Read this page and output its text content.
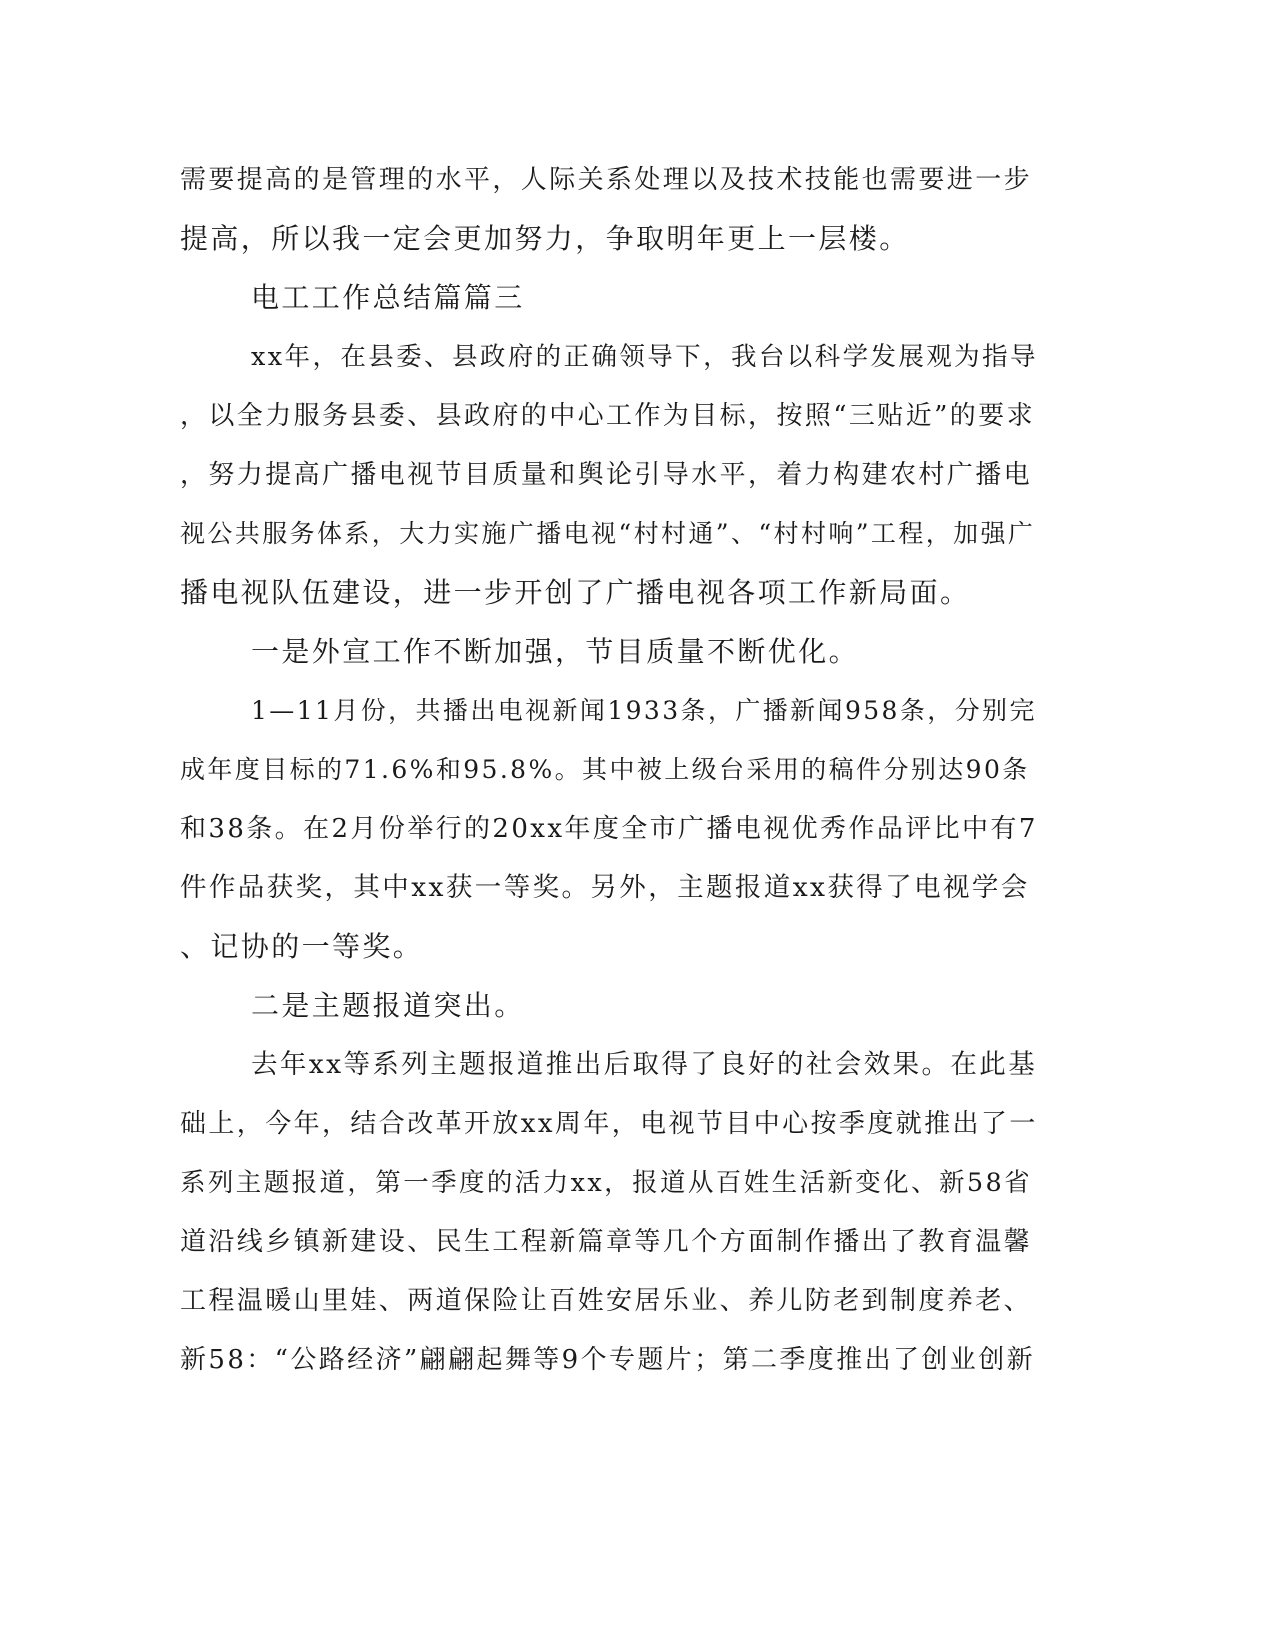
需要提高的是管理的水平，人际关系处理以及技术技能也需要进一步
提高，所以我一定会更加努力，争取明年更上一层楼。
电工工作总结篇篇三
xx年，在县委、县政府的正确领导下，我台以科学发展观为指导
，以全力服务县委、县政府的中心工作为目标，按照“三贴近”的要求
，努力提高广播电视节目质量和舆论引导水平，着力构建农村广播电
视公共服务体系，大力实施广播电视“村村通”、“村村响”工程，加强广
播电视队伍建设，进一步开创了广播电视各项工作新局面。
一是外宣工作不断加强，节目质量不断优化。
1—11月份，共播出电视新闻1933条，广播新闻958条，分别完
成年度目标的71.6%和95.8%。其中被上级台采用的稿件分别达90条
和38条。在2月份举行的20xx年度全市广播电视优秀作品评比中有7
件作品获奖，其中xx获一等奖。另外，主题报道xx获得了电视学会
、记协的一等奖。
二是主题报道突出。
去年xx等系列主题报道推出后取得了良好的社会效果。在此基
础上，今年，结合改革开放xx周年，电视节目中心按季度就推出了一
系列主题报道，第一季度的活力xx，报道从百姓生活新变化、新58省
道沿线乡镇新建设、民生工程新篇章等几个方面制作播出了教育温馨
工程温暖山里娃、两道保险让百姓安居乐业、养儿防老到制度养老、
新58：“公路经济”翩翩起舞等9个专题片；第二季度推出了创业创新
